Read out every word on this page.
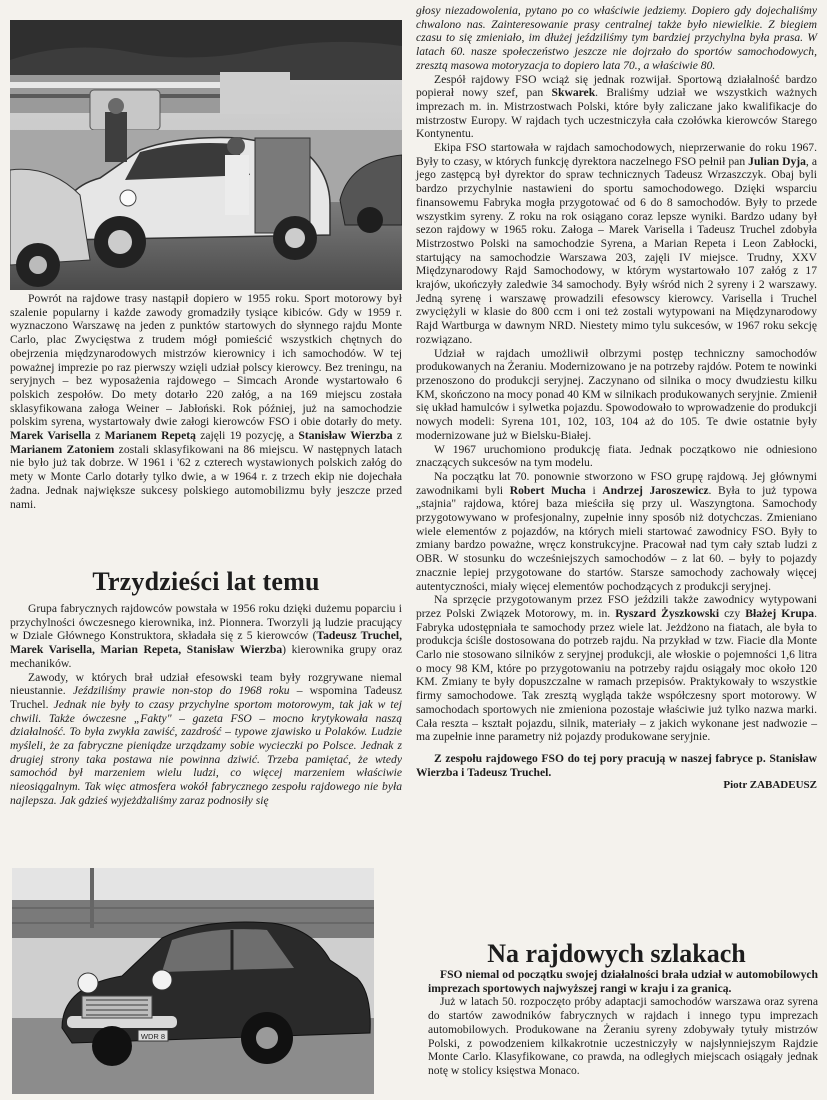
Powrót na rajdowe trasy nastąpił dopiero w 1955 roku. Sport motorowy był szalenie popularny i każde zawody gromadziły tysiące kibiców. Gdy w 1959 r. wyznaczono Warszawę na jeden z punktów startowych do słynnego rajdu Monte Carlo, plac Zwycięstwa z trudem mógł pomieścić wszystkich chętnych do obejrzenia międzynarodowych mistrzów kierownicy i ich samochodów. W tej poważnej imprezie po raz pierwszy wzięli udział polscy kierowcy. Bez treningu, na seryjnych – bez wyposażenia rajdowego – Simcach Aronde wystartowało 6 polskich zespołów. Do mety dotarło 220 załóg, a na 169 miejscu została sklasyfikowana załoga Weiner – Jabłoński. Rok później, już na samochodzie polskim syrena, wystartowały dwie załogi kierowców FSO i obie dotarły do mety. Marek Varisella z Marianem Repetą zajęli 19 pozycję, a Stanisław Wierzba z Marianem Zatoniem zostali sklasyfikowani na 86 miejscu. W następnych latach nie było już tak dobrze. W 1961 i '62 z czterech wystawionych polskich załóg do mety w Monte Carlo dotarły tylko dwie, a w 1964 r. z trzech ekip nie dojechała żadna. Jednak największe sukcesy polskiego automobilizmu były jeszcze przed nami.

Trzydzieści lat temu

Grupa fabrycznych rajdowców powstała w 1956 roku dzięki dużemu poparciu i przychylności ówczesnego kierownika, inż. Pionnera. Tworzyli ją ludzie pracujący w Dziale Głównego Konstruktora, składała się z 5 kierowców (Tadeusz Truchel, Marek Varisella, Marian Repeta, Stanisław Wierzba) kierownika grupy oraz mechaników.

Zawody, w których brał udział efesowski team były rozgrywane niemal nieustannie. Jeździliśmy prawie non-stop do 1968 roku – wspomina Tadeusz Truchel. Jednak nie były to czasy przychylne sportom motorowym, tak jak w tej chwili. Także ówczesne „Fakty" – gazeta FSO – mocno krytykowała naszą działalność. To była zwykła zawiść, zazdrość – typowe zjawisko u Polaków. Ludzie myśleli, że za fabryczne pieniądze urządzamy sobie wycieczki po Polsce. Jednak z drugiej strony taka postawa nie powinna dziwić. Trzeba pamiętać, że wtedy samochód był marzeniem wielu ludzi, co więcej marzeniem właściwie nieosiągalnym. Tak więc atmosfera wokół fabrycznego zespołu rajdowego nie była najlepsza. Jak gdzieś wyjeżdżaliśmy zaraz podnosiły się

WDR 8

głosy niezadowolenia, pytano po co właściwie jedziemy. Dopiero gdy dojechaliśmy chwalono nas. Zainteresowanie prasy centralnej także było niewielkie. Z biegiem czasu to się zmieniało, im dłużej jeździliśmy tym bardziej przychylna była prasa. W latach 60. nasze społeczeństwo jeszcze nie dojrzało do sportów samochodowych, zresztą masowa motoryzacja to dopiero lata 70., a właściwie 80.

Zespół rajdowy FSO wciąż się jednak rozwijał. Sportową działalność bardzo popierał nowy szef, pan Skwarek. Braliśmy udział we wszystkich ważnych imprezach m. in. Mistrzostwach Polski, które były zaliczane jako kwalifikacje do mistrzostw Europy. W rajdach tych uczestniczyła cała czołówka kierowców Starego Kontynentu.

Ekipa FSO startowała w rajdach samochodowych, nieprzerwanie do roku 1967. Były to czasy, w których funkcję dyrektora naczelnego FSO pełnił pan Julian Dyja, a jego zastępcą był dyrektor do spraw technicznych Tadeusz Wrzaszczyk. Obaj byli bardzo przychylnie nastawieni do sportu samochodowego. Dzięki wsparciu finansowemu Fabryka mogła przygotować od 6 do 8 samochodów. Były to przede wszystkim syreny. Z roku na rok osiągano coraz lepsze wyniki. Bardzo udany był sezon rajdowy w 1965 roku. Załoga – Marek Varisella i Tadeusz Truchel zdobyła Mistrzostwo Polski na samochodzie Syrena, a Marian Repeta i Leon Zabłocki, startujący na samochodzie Warszawa 203, zajęli IV miejsce. Trudny, XXV Międzynarodowy Rajd Samochodowy, w którym wystartowało 107 załóg z 17 krajów, ukończyły zaledwie 34 samochody. Były wśród nich 2 syreny i 2 warszawy. Jedną syrenę i warszawę prowadzili efesowscy kierowcy. Varisella i Truchel zwyciężyli w klasie do 800 ccm i oni też zostali wytypowani na Międzynarodowy Rajd Wartburga w dawnym NRD. Niestety mimo tylu sukcesów, w 1967 roku sekcję rozwiązano.

Udział w rajdach umożliwił olbrzymi postęp techniczny samochodów produkowanych na Żeraniu. Modernizowano je na potrzeby rajdów. Potem te nowinki przenoszono do produkcji seryjnej. Zaczynano od silnika o mocy dwudziestu kilku KM, skończono na mocy ponad 40 KM w silnikach produkowanych seryjnie. Zmienił się układ hamulców i sylwetka pojazdu. Spowodowało to wprowadzenie do produkcji nowych modeli: Syrena 101, 102, 103, 104 aż do 105. Te dwie ostatnie były modernizowane już w Bielsku-Białej.

W 1967 uruchomiono produkcję fiata. Jednak początkowo nie odniesiono znaczących sukcesów na tym modelu.

Na początku lat 70. ponownie stworzono w FSO grupę rajdową. Jej głównymi zawodnikami byli Robert Mucha i Andrzej Jaroszewicz. Była to już typowa „stajnia" rajdowa, której baza mieściła się przy ul. Waszyngtona. Samochody przygotowywano w profesjonalny, zupełnie inny sposób niż dotychczas. Zmieniano wiele elementów z pojazdów, na których mieli startować zawodnicy FSO. Były to zmiany bardzo poważne, wręcz konstrukcyjne. Pracował nad tym cały sztab ludzi z OBR. W stosunku do wcześniejszych samochodów – z lat 60. – były to pojazdy znacznie lepiej przygotowane do startów. Starsze samochody zachowały więcej autentyczności, miały więcej elementów pochodzących z produkcji seryjnej.

Na sprzęcie przygotowanym przez FSO jeździli także zawodnicy wytypowani przez Polski Związek Motorowy, m. in. Ryszard Żyszkowski czy Błażej Krupa. Fabryka udostępniała te samochody przez wiele lat. Jeżdżono na fiatach, ale była to produkcja ściśle dostosowana do potrzeb rajdu. Na przykład w tzw. Fiacie dla Monte Carlo nie stosowano silników z seryjnej produkcji, ale włoskie o pojemności 1,6 litra o mocy 98 KM, które po przygotowaniu na potrzeby rajdu osiągały moc około 120 KM. Zmiany te były dopuszczalne w ramach przepisów. Praktykowały to wszystkie firmy samochodowe. Tak zresztą wygląda także współczesny sport motorowy. W samochodach sportowych nie zmieniona pozostaje właściwie już tylko nazwa marki. Cała reszta – kształt pojazdu, silnik, materiały – z jakich wykonane jest nadwozie – ma zupełnie inne parametry niż pojazdy produkowane seryjnie.

Z zespołu rajdowego FSO do tej pory pracują w naszej fabryce p. Stanisław Wierzba i Tadeusz Truchel.

Piotr ZABADEUSZ

Na rajdowych szlakach

FSO niemal od początku swojej działalności brała udział w automobilowych imprezach sportowych najwyższej rangi w kraju i za granicą.

Już w latach 50. rozpoczęto próby adaptacji samochodów warszawa oraz syrena do startów zawodników fabrycznych w rajdach i innego typu imprezach automobilowych. Produkowane na Żeraniu syreny zdobywały tytuły mistrzów Polski, z powodzeniem kilkakrotnie uczestniczyły w najsłynniejszym Rajdzie Monte Carlo. Klasyfikowane, co prawda, na odległych miejscach osiągały jednak notę w stolicy księstwa Monaco.
